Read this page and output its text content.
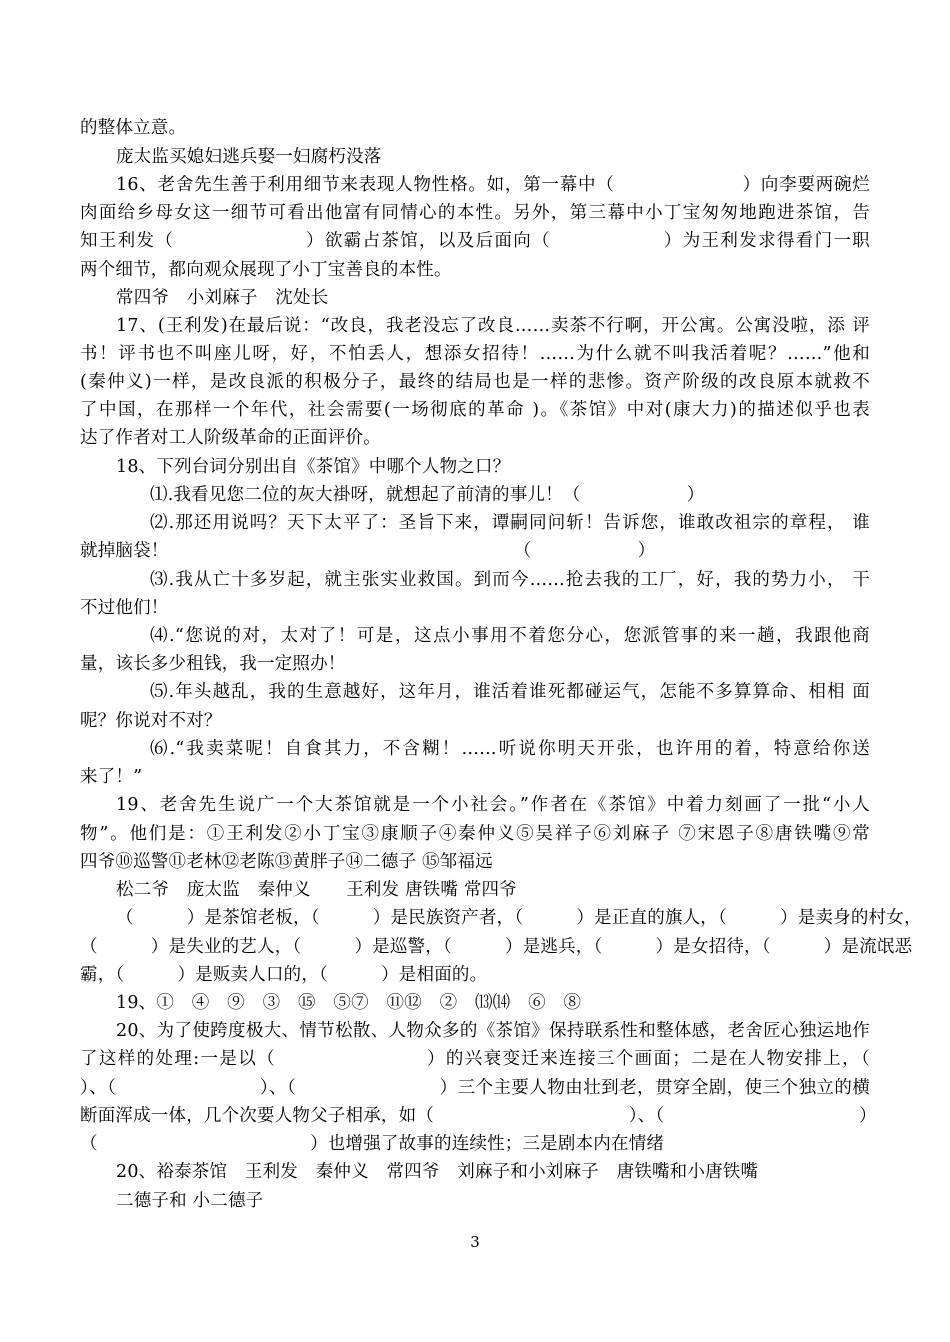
的整体立意。
庞太监买媳妇逃兵娶一妇腐朽没落
16、老舍先生善于利用细节来表现人物性格。如，第一幕中（　　　　　　　）向李要两碗烂
肉面给乡母女这一细节可看出他富有同情心的本性。另外，第三幕中小丁宝匆匆地跑进茶馆，告
知王利发（　　　　　　　）欲霸占茶馆，以及后面向（　　　　　　）为王利发求得看门一职
两个细节，都向观众展现了小丁宝善良的本性。
常四爷　小刘麻子　沈处长
17、(王利发)在最后说：“改良，我老没忘了改良……卖茶不行啊，开公寓。公寓没啦，添 评
书！评书也不叫座儿呀，好，不怕丢人，想添女招待！……为什么就不叫我活着呢？……”他和
(秦仲义)一样，是改良派的积极分子，最终的结局也是一样的悲惨。资产阶级的改良原本就救不
了中国，在那样一个年代，社会需要(一场彻底的革命 )。《茶馆》中对(康大力)的描述似乎也表
达了作者对工人阶级革命的正面评价。
18、下列台词分别出自《茶馆》中哪个人物之口？
⑴.我看见您二位的灰大褂呀，就想起了前清的事儿！（　　　　　　）
⑵.那还用说吗？天下太平了：圣旨下来，谭嗣同问斩！告诉您，谁敢改祖宗的章程， 谁
就掉脑袋！　　　　　　　　　　　　　　　　　　　　（　　　　　　）
⑶.我从亡十多岁起，就主张实业救国。到而今……抢去我的工厂，好，我的势力小， 干
不过他们！
⑷.“您说的对，太对了！可是，这点小事用不着您分心，您派管事的来一趟，我跟他商
量，该长多少租钱，我一定照办！
⑸.年头越乱，我的生意越好，这年月，谁活着谁死都碰运气，怎能不多算算命、相相 面
呢？你说对不对？
⑹.“我卖菜呢！自食其力，不含糊！……听说你明天开张，也许用的着，特意给你送
来了！”
19、老舍先生说广一个大茶馆就是一个小社会。”作者在《茶馆》中着力刻画了一批“小人
物”。他们是：①王利发②小丁宝③康顺子④秦仲义⑤吴祥子⑥刘麻子 ⑦宋恩子⑧唐铁嘴⑨常
四爷⑩巡警⑪老林⑫老陈⑬黄胖子⑭二德子 ⑮邹福远
松二爷　庞太监　秦仲义　　王利发 唐铁嘴 常四爷
（　　　）是茶馆老板，（　　　）是民族资产者，（　　　）是正直的旗人，（　　　）是卖身的村女，
（　　　）是失业的艺人，（　　　）是巡警，（　　　）是逃兵，（　　　）是女招待，（　　　）是流氓恶
霸，（　　　）是贩卖人口的，（　　　）是相面的。
19、①　④　⑨　③　⑮　⑤⑦　⑪⑫　②　⒀⒁　⑥　⑧
20、为了使跨度极大、情节松散、人物众多的《茶馆》保持联系性和整体感，老舍匠心独运地作
了这样的处理:一是以（　　　　　　　　）的兴衰变迁来连接三个画面；二是在人物安排上，（
）、（　　　　　　　　）、（　　　　　　　　）三个主要人物由壮到老，贯穿全剧，使三个独立的横
断面浑成一体，几个次要人物父子相承，如（　　　　　　　　　　　）、（　　　　　　　　　　　）
（　　　　　　　　　　　　）也增强了故事的连续性；三是剧本内在情绪
20、裕泰茶馆　王利发　秦仲义　常四爷　刘麻子和小刘麻子　唐铁嘴和小唐铁嘴
二德子和 小二德子
3
